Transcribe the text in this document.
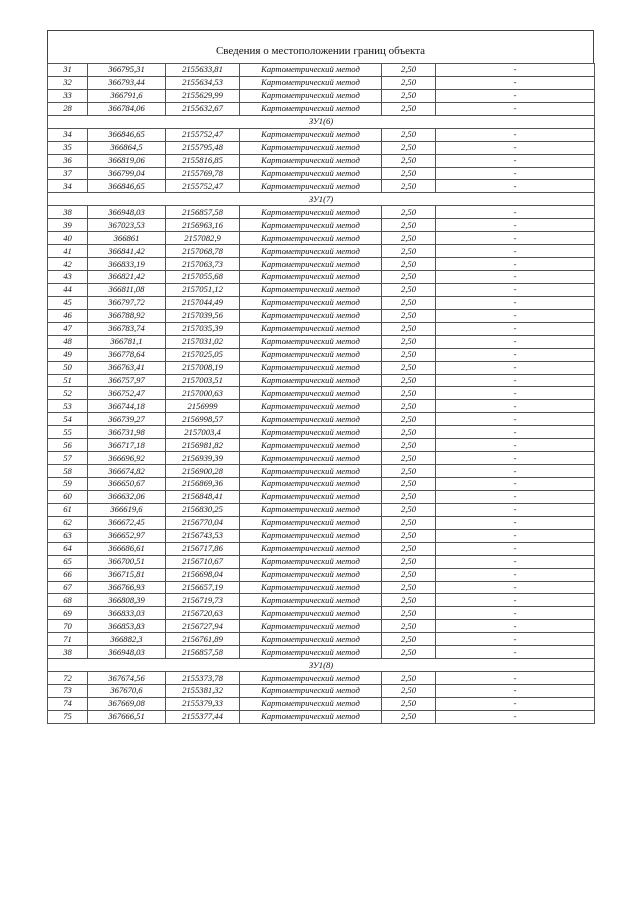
Сведения о местоположении границ объекта
31	366795,31	2155633,81	Картометрический метод	2,50	-
32	366793,44	2155634,53	Картометрический метод	2,50	-
33	366791,6	2155629,99	Картометрический метод	2,50	-
28	366784,06	2155632,67	Картометрический метод	2,50	-
ЗУ1(6)					
34	366846,65	2155752,47	Картометрический метод	2,50	-
35	366864,5	2155795,48	Картометрический метод	2,50	-
36	366819,06	2155816,85	Картометрический метод	2,50	-
37	366799,04	2155769,78	Картометрический метод	2,50	-
34	366846,65	2155752,47	Картометрический метод	2,50	-
ЗУ1(7)					
38	366948,03	2156857,58	Картометрический метод	2,50	-
39	367023,53	2156963,16	Картометрический метод	2,50	-
40	366861	2157082,9	Картометрический метод	2,50	-
41	366841,42	2157068,78	Картометрический метод	2,50	-
42	366833,19	2157063,73	Картометрический метод	2,50	-
43	366821,42	2157055,68	Картометрический метод	2,50	-
44	366811,08	2157051,12	Картометрический метод	2,50	-
45	366797,72	2157044,49	Картометрический метод	2,50	-
46	366788,92	2157039,56	Картометрический метод	2,50	-
47	366783,74	2157035,39	Картометрический метод	2,50	-
48	366781,1	2157031,02	Картометрический метод	2,50	-
49	366778,64	2157025,05	Картометрический метод	2,50	-
50	366763,41	2157008,19	Картометрический метод	2,50	-
51	366757,97	2157003,51	Картометрический метод	2,50	-
52	366752,47	2157000,63	Картометрический метод	2,50	-
53	366744,18	2156999	Картометрический метод	2,50	-
54	366739,27	2156998,57	Картометрический метод	2,50	-
55	366731,98	2157003,4	Картометрический метод	2,50	-
56	366717,18	2156981,82	Картометрический метод	2,50	-
57	366696,92	2156939,39	Картометрический метод	2,50	-
58	366674,82	2156900,28	Картометрический метод	2,50	-
59	366650,67	2156869,36	Картометрический метод	2,50	-
60	366632,06	2156848,41	Картометрический метод	2,50	-
61	366619,6	2156830,25	Картометрический метод	2,50	-
62	366672,45	2156770,04	Картометрический метод	2,50	-
63	366652,97	2156743,53	Картометрический метод	2,50	-
64	366686,61	2156717,86	Картометрический метод	2,50	-
65	366700,51	2156710,67	Картометрический метод	2,50	-
66	366715,81	2156698,04	Картометрический метод	2,50	-
67	366766,93	2156657,19	Картометрический метод	2,50	-
68	366808,39	2156719,73	Картометрический метод	2,50	-
69	366833,03	2156720,63	Картометрический метод	2,50	-
70	366853,83	2156727,94	Картометрический метод	2,50	-
71	366882,3	2156761,89	Картометрический метод	2,50	-
38	366948,03	2156857,58	Картометрический метод	2,50	-
ЗУ1(8)					
72	367674,56	2155373,78	Картометрический метод	2,50	-
73	367670,6	2155381,32	Картометрический метод	2,50	-
74	367669,08	2155379,33	Картометрический метод	2,50	-
75	367666,51	2155377,44	Картометрический метод	2,50	-
